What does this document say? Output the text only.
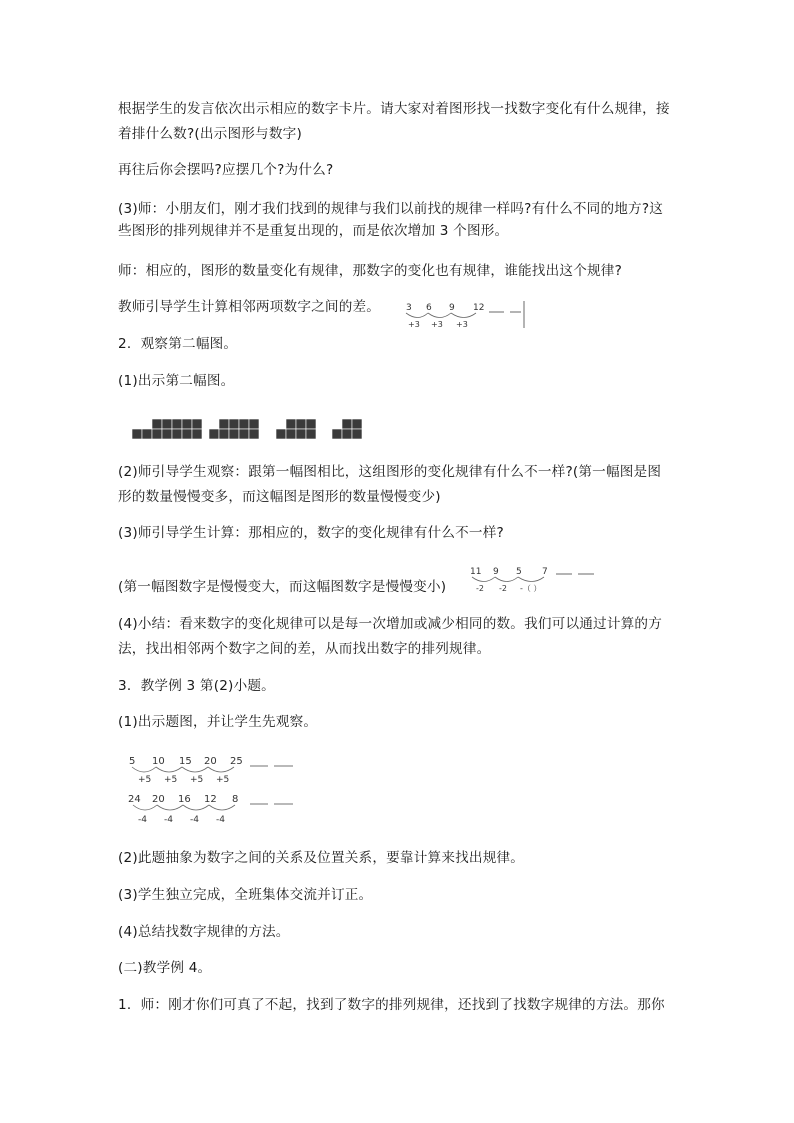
根据学生的发言依次出示相应的数字卡片。请大家对着图形找一找数字变化有什么规律，接

着排什么数?(出示图形与数字)

再往后你会摆吗?应摆几个?为什么?

(3)师：小朋友们，刚才我们找到的规律与我们以前找的规律一样吗?有什么不同的地方?这

些图形的排列规律并不是重复出现的，而是依次增加 3 个图形。

师：相应的，图形的数量变化有规律，那数字的变化也有规律，谁能找出这个规律?

教师引导学生计算相邻两项数字之间的差。	3 6 9 12
+3 +3 +3

2．观察第二幅图。

(1)出示第二幅图。

(2)师引导学生观察：跟第一幅图相比，这组图形的变化规律有什么不一样?(第一幅图是图

形的数量慢慢变多，而这幅图是图形的数量慢慢变少)

(3)师引导学生计算：那相应的，数字的变化规律有什么不一样?

(第一幅图数字是慢慢变大，而这幅图数字是慢慢变小)

11 9 5 7
-2 -2 -（ ）

(4)小结：看来数字的变化规律可以是每一次增加或减少相同的数。我们可以通过计算的方

法，找出相邻两个数字之间的差，从而找出数字的排列规律。

3．教学例 3 第(2)小题。

(1)出示题图，并让学生先观察。

5 10 15 20 25
+5 +5 +5 +5
24 20 16 12 8
-4 -4 -4 -4

(2)此题抽象为数字之间的关系及位置关系，要靠计算来找出规律。

(3)学生独立完成，全班集体交流并订正。

(4)总结找数字规律的方法。

(二)教学例 4。

1．师：刚才你们可真了不起，找到了数字的排列规律，还找到了找数字规律的方法。那你
